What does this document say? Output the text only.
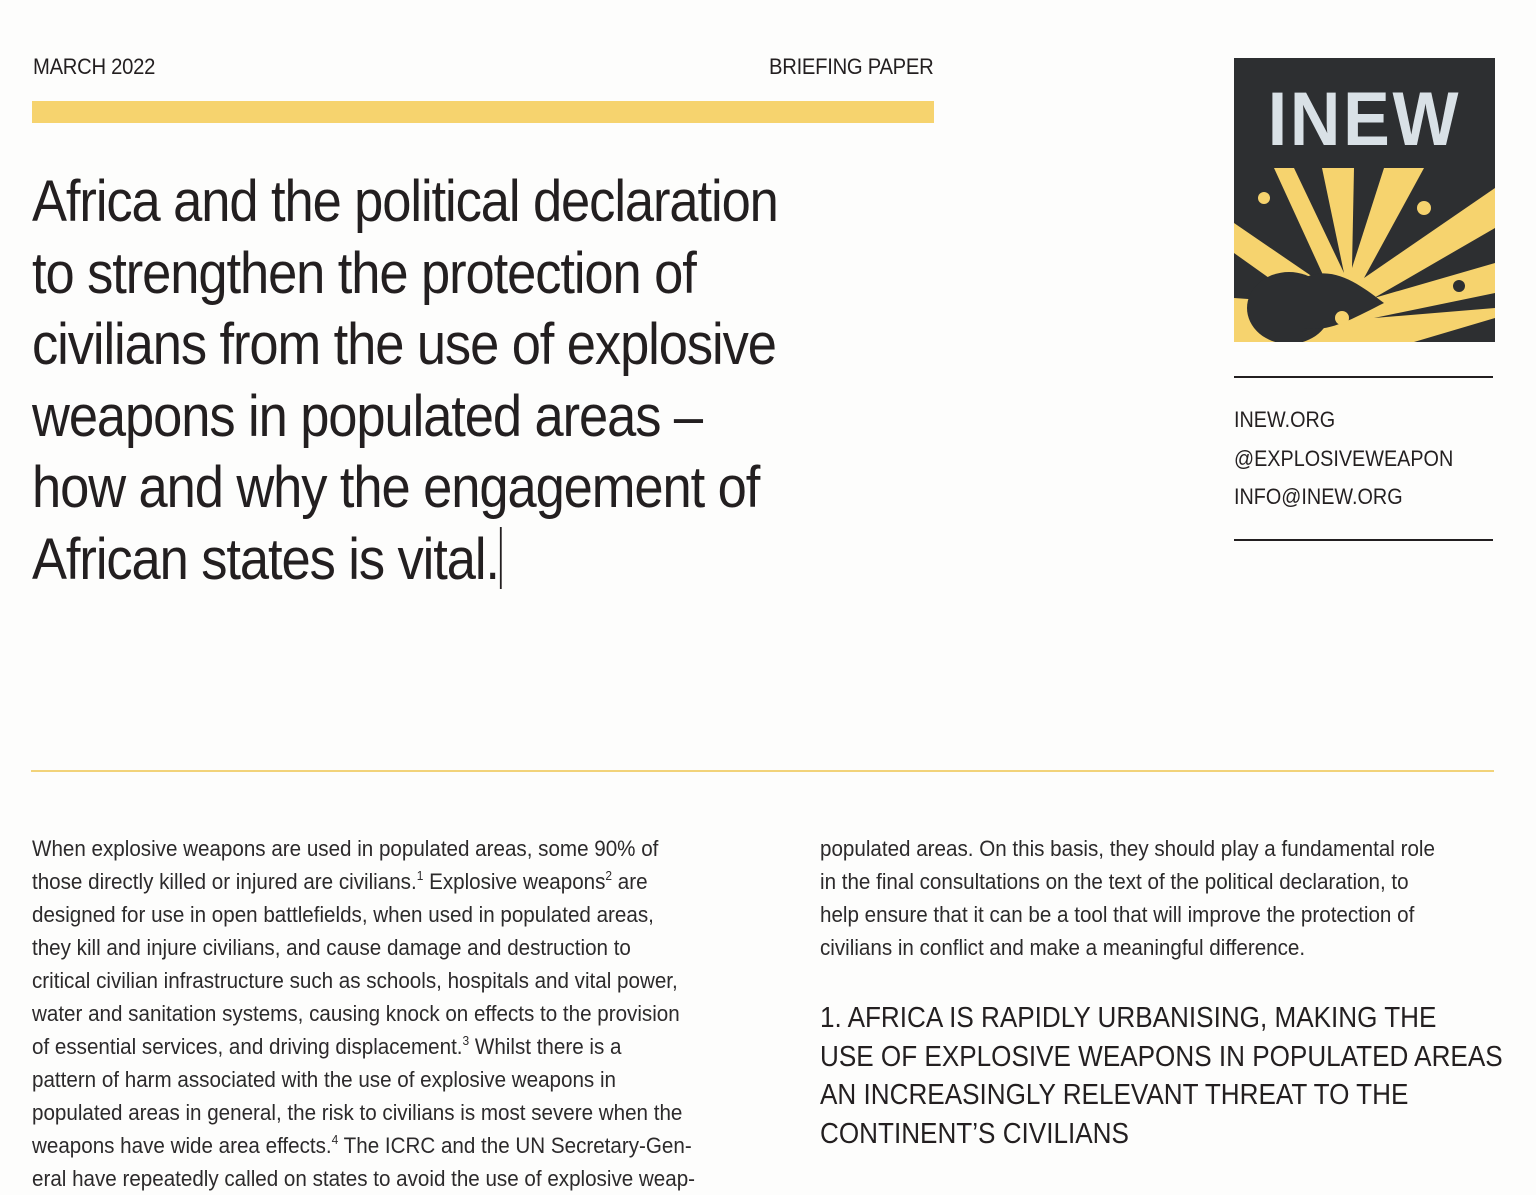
MARCH 2022	BRIEFING PAPER
Africa and the political declaration
to strengthen the protection of
civilians from the use of explosive
weapons in populated areas –
how and why the engagement of
African states is vital.
INEW
INEW.ORG
@EXPLOSIVEWEAPON
INFO@INEW.ORG

When explosive weapons are used in populated areas, some 90% of
those directly killed or injured are civilians.$^1$ Explosive weapons$^2$ are
designed for use in open battlefields, when used in populated areas,
they kill and injure civilians, and cause damage and destruction to
critical civilian infrastructure such as schools, hospitals and vital power,
water and sanitation systems, causing knock on effects to the provision
of essential services, and driving displacement.$^3$ Whilst there is a
pattern of harm associated with the use of explosive weapons in
populated areas in general, the risk to civilians is most severe when the
weapons have wide area effects.$^4$ The ICRC and the UN Secretary-Gen-
eral have repeatedly called on states to avoid the use of explosive weap-

populated areas. On this basis, they should play a fundamental role
in the final consultations on the text of the political declaration, to
help ensure that it can be a tool that will improve the protection of
civilians in conflict and make a meaningful difference.

1. AFRICA IS RAPIDLY URBANISING, MAKING THE
USE OF EXPLOSIVE WEAPONS IN POPULATED AREAS
AN INCREASINGLY RELEVANT THREAT TO THE
CONTINENT’S CIVILIANS
